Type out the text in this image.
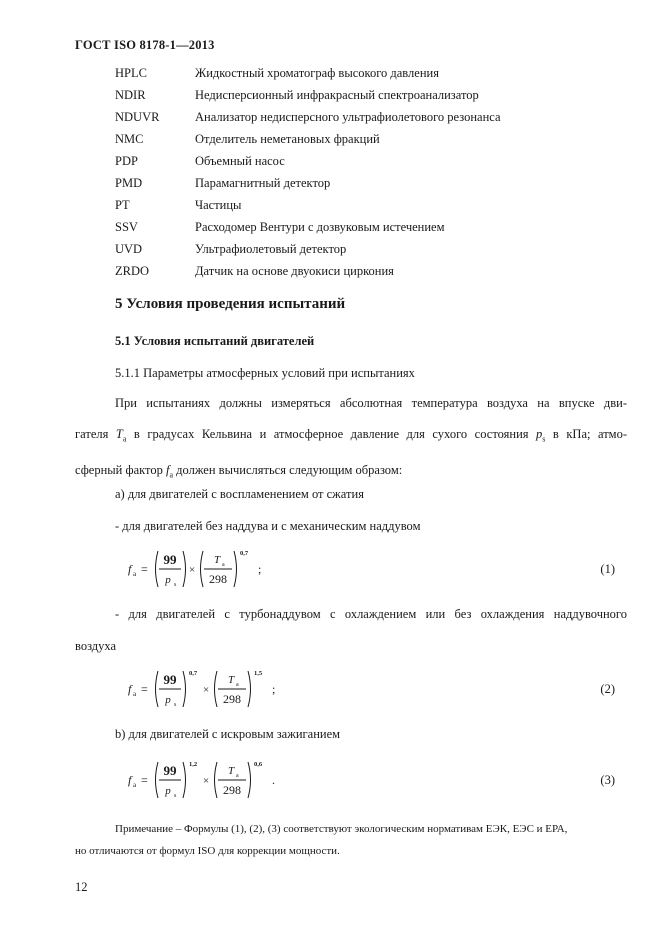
ГОСТ ISO 8178-1—2013
HPLC	Жидкостный хроматограф высокого давления
NDIR	Недисперсионный инфракрасный спектроанализатор
NDUVR	Анализатор недисперсного ультрафиолетового резонанса
NMC	Отделитель неметановых фракций
PDP	Объемный насос
PMD	Парамагнитный детектор
PT	Частицы
SSV	Расходомер Вентури с дозвуковым истечением
UVD	Ультрафиолетовый детектор
ZRDO	Датчик на основе двуокиси циркония
5 Условия проведения испытаний
5.1 Условия испытаний двигателей
5.1.1 Параметры атмосферных условий при испытаниях
При испытаниях должны измеряться абсолютная температура воздуха на впуске дви-
гателя $T_a$ в градусах Кельвина и атмосферное давление для сухого состояния $p_s$ в кПа; атмо-
сферный фактор $f_a$ должен вычисляться следующим образом:
а) для двигателей с воспламенением от сжатия
- для двигателей без наддува и с механическим наддувом
f a =
99
p s
×
T a
298
0,7
;	(1)
- для двигателей с турбонаддувом с охлаждением или без охлаждения наддувочного
воздуха
f a =
99
p s
0,7
×
T a
298
1,5
;	(2)
b) для двигателей с искровым зажиганием
f a =
99
p s
1,2
×
T a
298
0,6
.	(3)
Примечание – Формулы (1), (2), (3) соответствуют экологическим нормативам ЕЭК, ЕЭС и ЕРА,
но отличаются от формул ISO для коррекции мощности.
12
